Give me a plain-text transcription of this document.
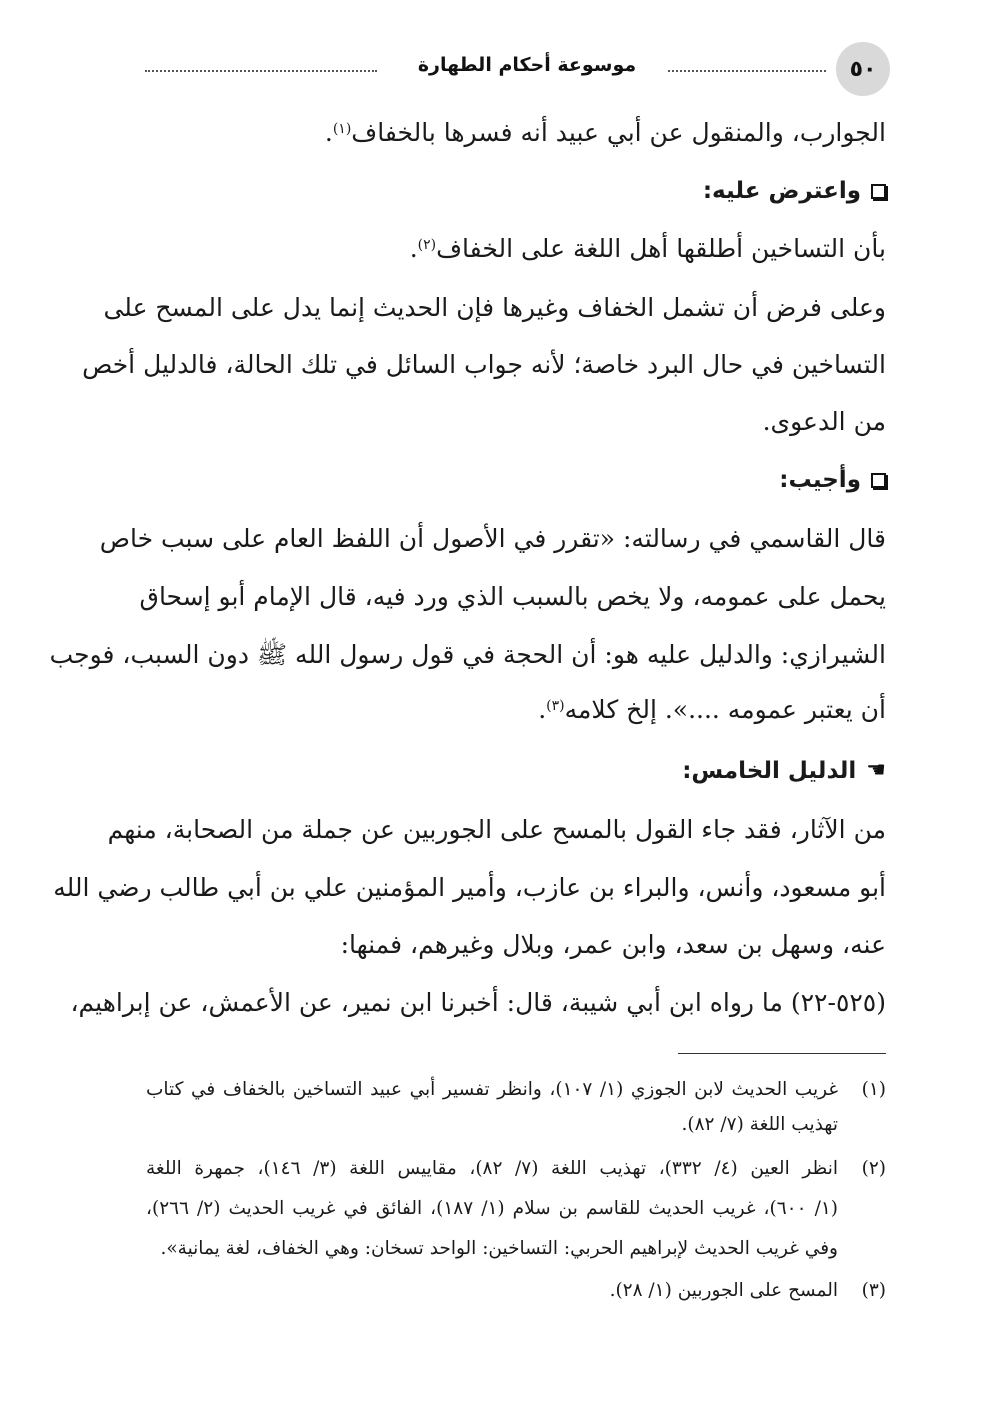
٥٠
موسوعة أحكام الطهارة
الجوارب، والمنقول عن أبي عبيد أنه فسرها بالخفاف$^{(١)}$.
واعترض عليه:
بأن التساخين أطلقها أهل اللغة على الخفاف$^{(٢)}$.
وعلى فرض أن تشمل الخفاف وغيرها فإن الحديث إنما يدل على المسح على
التساخين في حال البرد خاصة؛ لأنه جواب السائل في تلك الحالة، فالدليل أخص
من الدعوى.
وأجيب:
قال القاسمي في رسالته: «تقرر في الأصول أن اللفظ العام على سبب خاص
يحمل على عمومه، ولا يخص بالسبب الذي ورد فيه، قال الإمام أبو إسحاق
الشيرازي: والدليل عليه هو: أن الحجة في قول رسول الله ﷺ دون السبب، فوجب
أن يعتبر عمومه ....». إلخ كلامه$^{(٣)}$.
☚
الدليل الخامس:
من الآثار، فقد جاء القول بالمسح على الجوربين عن جملة من الصحابة، منهم
أبو مسعود، وأنس، والبراء بن عازب، وأمير المؤمنين علي بن أبي طالب رضي الله
عنه، وسهل بن سعد، وابن عمر، وبلال وغيرهم، فمنها:
(٥٢٥-٢٢) ما رواه ابن أبي شيبة، قال: أخبرنا ابن نمير، عن الأعمش، عن إبراهيم،
(١)
غريب الحديث لابن الجوزي (١/ ١٠٧)، وانظر تفسير أبي عبيد التساخين بالخفاف في كتاب
تهذيب اللغة (٧/ ٨٢).
(٢)
انظر العين (٤/ ٣٣٢)، تهذيب اللغة (٧/ ٨٢)، مقاييس اللغة (٣/ ١٤٦)، جمهرة اللغة
(١/ ٦٠٠)، غريب الحديث للقاسم بن سلام (١/ ١٨٧)، الفائق في غريب الحديث (٢/ ٢٦٦)،
وفي غريب الحديث لإبراهيم الحربي: التساخين: الواحد تسخان: وهي الخفاف، لغة يمانية».
(٣)
المسح على الجوربين (١/ ٢٨).
